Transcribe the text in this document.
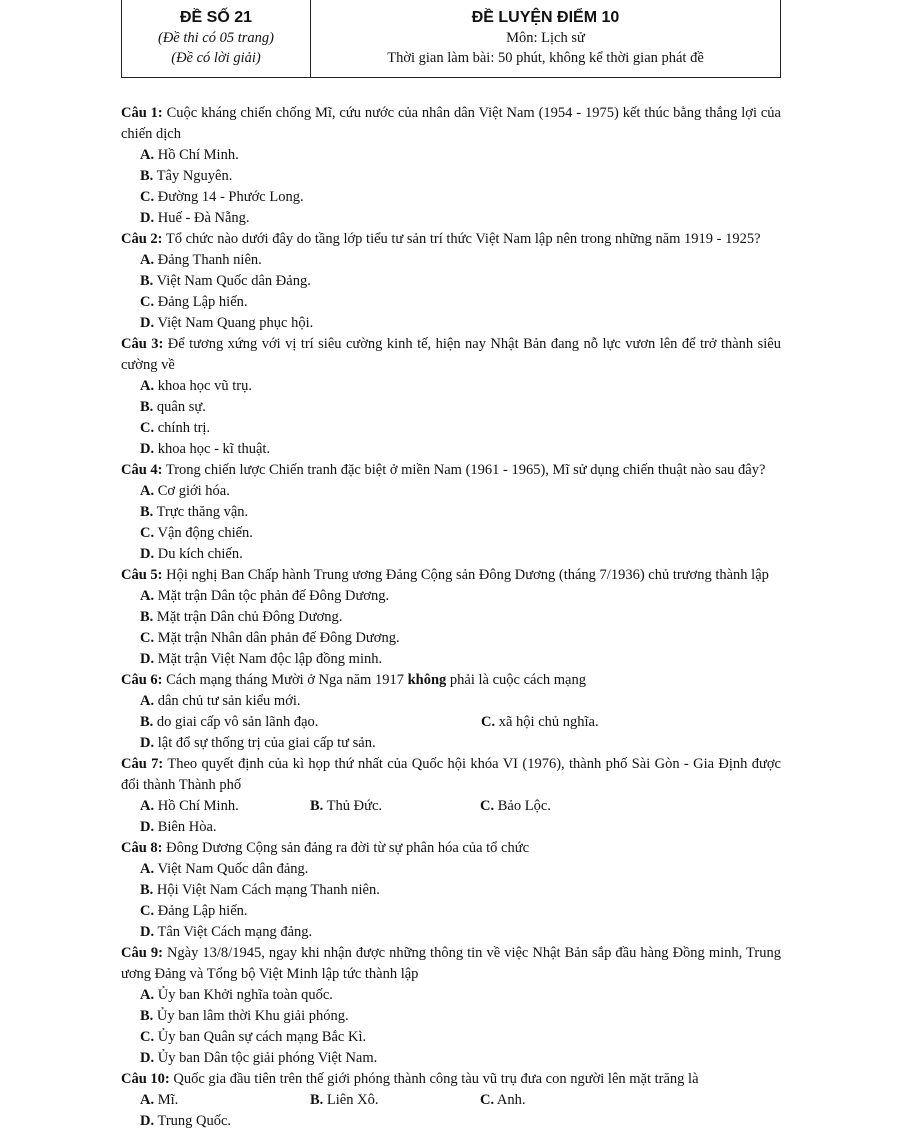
ĐỀ SỐ 21
(Đề thi có 05 trang)
(Đề có lời giải)
ĐỀ LUYỆN ĐIỂM 10
Môn: Lịch sử
Thời gian làm bài: 50 phút, không kể thời gian phát đề
Câu 1: Cuộc kháng chiến chống Mĩ, cứu nước của nhân dân Việt Nam (1954 - 1975) kết thúc bằng thắng lợi của chiến dịch
A. Hồ Chí Minh.
B. Tây Nguyên.
C. Đường 14 - Phước Long.
D. Huế - Đà Nẵng.
Câu 2: Tổ chức nào dưới đây do tầng lớp tiểu tư sản trí thức Việt Nam lập nên trong những năm 1919 - 1925?
A. Đảng Thanh niên.
B. Việt Nam Quốc dân Đảng.
C. Đảng Lập hiến.
D. Việt Nam Quang phục hội.
Câu 3: Để tương xứng với vị trí siêu cường kinh tế, hiện nay Nhật Bản đang nỗ lực vươn lên để trở thành siêu cường về
A. khoa học vũ trụ.
B. quân sự.
C. chính trị.
D. khoa học - kĩ thuật.
Câu 4: Trong chiến lược Chiến tranh đặc biệt ở miền Nam (1961 - 1965), Mĩ sử dụng chiến thuật nào sau đây?
A. Cơ giới hóa.
B. Trực thăng vận.
C. Vận động chiến.
D. Du kích chiến.
Câu 5: Hội nghị Ban Chấp hành Trung ương Đảng Cộng sản Đông Dương (tháng 7/1936) chủ trương thành lập
A. Mặt trận Dân tộc phản đế Đông Dương.
B. Mặt trận Dân chủ Đông Dương.
C. Mặt trận Nhân dân phản đế Đông Dương.
D. Mặt trận Việt Nam độc lập đồng minh.
Câu 6: Cách mạng tháng Mười ở Nga năm 1917 không phải là cuộc cách mạng
A. dân chủ tư sản kiểu mới.
B. do giai cấp vô sản lãnh đạo.	C. xã hội chủ nghĩa.
D. lật đổ sự thống trị của giai cấp tư sản.
Câu 7: Theo quyết định của kì họp thứ nhất của Quốc hội khóa VI (1976), thành phố Sài Gòn - Gia Định được đổi thành Thành phố
A. Hồ Chí Minh.	B. Thủ Đức.	C. Bảo Lộc.
D. Biên Hòa.
Câu 8: Đông Dương Cộng sản đảng ra đời từ sự phân hóa của tổ chức
A. Việt Nam Quốc dân đảng.
B. Hội Việt Nam Cách mạng Thanh niên.
C. Đảng Lập hiến.
D. Tân Việt Cách mạng đảng.
Câu 9: Ngày 13/8/1945, ngay khi nhận được những thông tin về việc Nhật Bản sắp đầu hàng Đồng minh, Trung ương Đảng và Tổng bộ Việt Minh lập tức thành lập
A. Ủy ban Khởi nghĩa toàn quốc.
B. Ủy ban lâm thời Khu giải phóng.
C. Ủy ban Quân sự cách mạng Bắc Kì.
D. Ủy ban Dân tộc giải phóng Việt Nam.
Câu 10: Quốc gia đầu tiên trên thế giới phóng thành công tàu vũ trụ đưa con người lên mặt trăng là
A. Mĩ.	B. Liên Xô.	C. Anh.
D. Trung Quốc.
